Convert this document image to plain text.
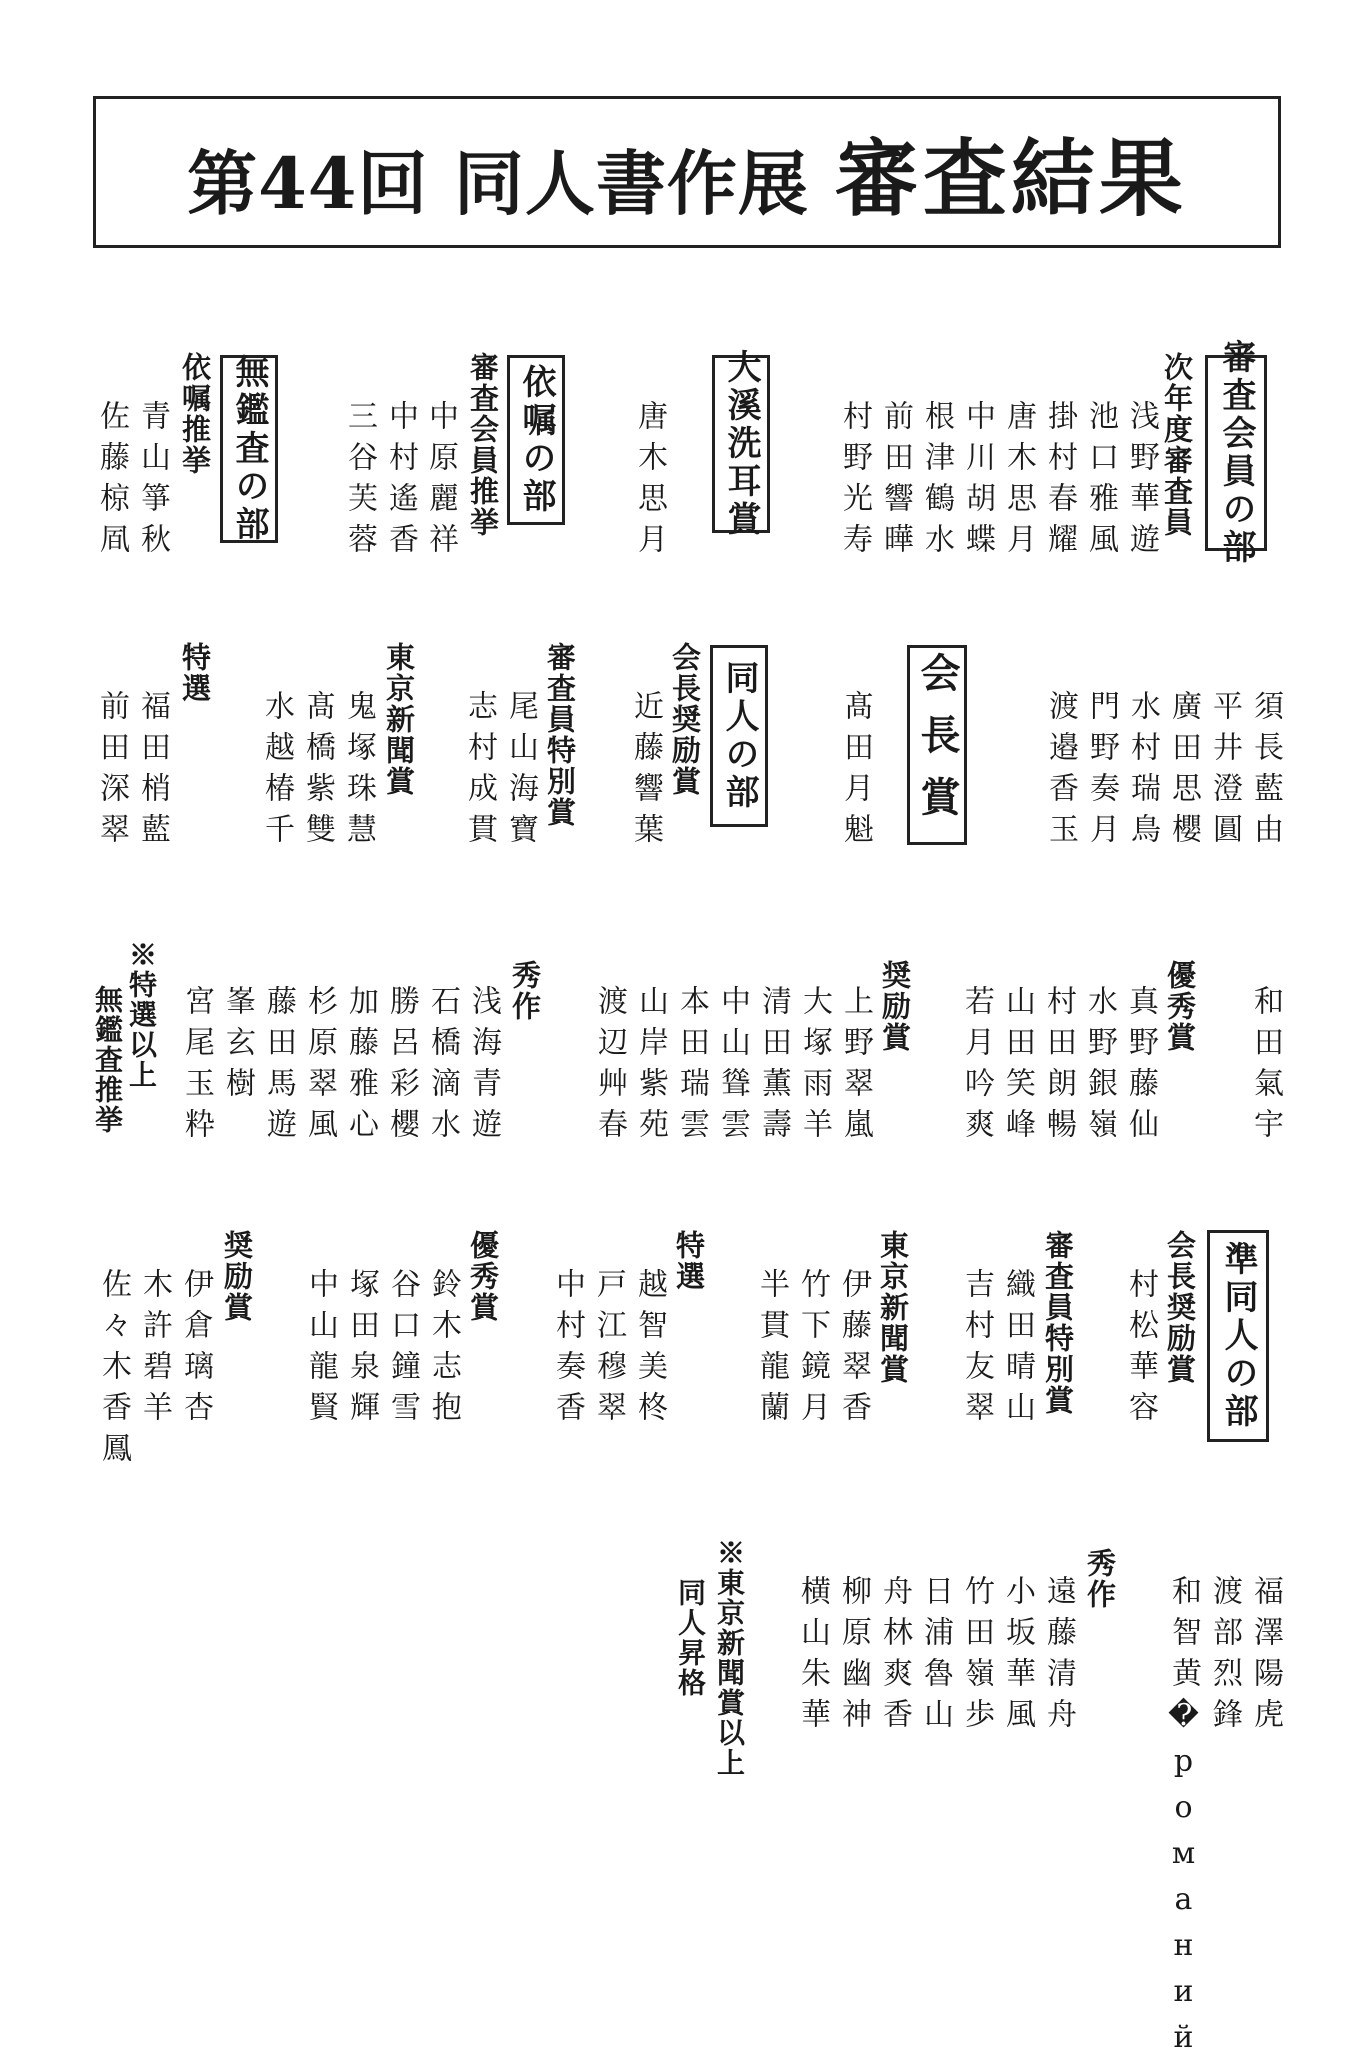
第44回 同人書作展 審査結果
審査会員の部
次年度審査員
浅野華遊
池口雅風
掛村春耀
唐木思月
中川胡蝶
根津鶴水
前田響曄
村野光寿
大溪洗耳賞
唐木思月
審査会員推挙 依嘱の部
中原麗祥
中村遙香
三谷芙蓉
無鑑査の部
依嘱推挙
青山箏秋
佐藤椋凮
須長藍由
平井澄圓
廣田思櫻
水村瑞鳥
門野奏月
渡邉香玉
会長賞
髙田月魁
同人の部
会長奨励賞
近藤響葉
審査員特別賞
尾山海寶
志村成貫
東京新聞賞
鬼塚珠慧
髙橋紫雙
水越椿千
特選
福田梢藍
前田深翠
和田氣宇
優秀賞
真野藤仙
水野銀嶺
村田朗暢
山田笑峰
若月吟爽
奨励賞
上野翠嵐
大塚雨羊
清田薫壽
中山聳雲
本田瑞雲
山岸紫苑
渡辺艸春
秀作
浅海青遊
石橋滴水
勝呂彩櫻
加藤雅心
杉原翠風
藤田馬遊
峯玄樹
宮尾玉粋
※特選以上
無鑑査推挙
準同人の部
会長奨励賞
村松華容
審査員特別賞
織田晴山
吉村友翠
東京新聞賞
伊藤翠香
竹下鏡月
半貫龍蘭
特選
越智美柊
戸江穆翠
中村奏香
優秀賞
鈴木志抱
谷口鐘雪
塚田泉輝
中山龍賢
奨励賞
伊倉璃杏
木許碧羊
佐々木香鳳
福澤陽虎
渡部烈鋒
和智黄�романий
秀作
遠藤清舟
小坂華風
竹田嶺歩
日浦魯山
舟林爽香
柳原幽神
横山朱華
※東京新聞賞以上
同人昇格
